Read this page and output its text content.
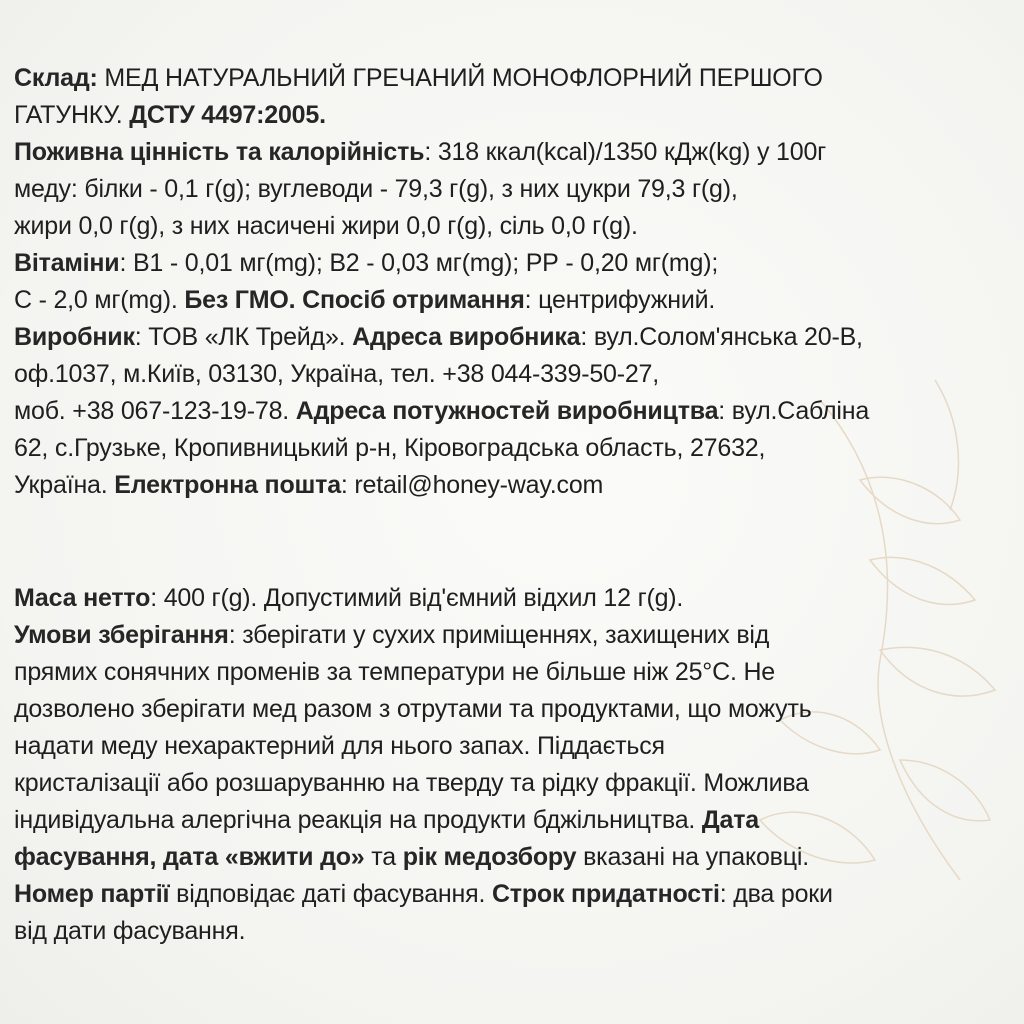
Склад: МЕД НАТУРАЛЬНИЙ ГРЕЧАНИЙ МОНОФЛОРНИЙ ПЕРШОГО
ГАТУНКУ. ДСТУ 4497:2005.
Поживна цінність та калорійність: 318 ккал(kcal)/1350 кДж(kg) у 100г
меду: білки - 0,1 г(g); вуглеводи - 79,3 г(g), з них цукри 79,3 г(g),
жири 0,0 г(g), з них насичені жири 0,0 г(g), сіль 0,0 г(g).
Вітаміни: В1 - 0,01 мг(mg); В2 - 0,03 мг(mg); РР - 0,20 мг(mg);
С - 2,0 мг(mg). Без ГМО. Спосіб отримання: центрифужний.
Виробник: ТОВ «ЛК Трейд». Адреса виробника: вул.Солом'янська 20-В,
оф.1037, м.Київ, 03130, Україна, тел. +38 044-339-50-27,
моб. +38 067-123-19-78. Адреса потужностей виробництва: вул.Сабліна
62, с.Грузьке, Кропивницький р-н, Кіровоградська область, 27632,
Україна. Електронна пошта: retail@honey-way.com
Маса нетто: 400 г(g). Допустимий від'ємний відхил 12 г(g).
Умови зберігання: зберігати у сухих приміщеннях, захищених від
прямих сонячних променів за температури не більше ніж 25°С. Не
дозволено зберігати мед разом з отрутами та продуктами, що можуть
надати меду нехарактерний для нього запах. Піддається
кристалізації або розшаруванню на тверду та рідку фракції. Можлива
індивідуальна алергічна реакція на продукти бджільництва. Дата
фасування, дата «вжити до» та рік медозбору вказані на упаковці.
Номер партії відповідає даті фасування. Строк придатності: два роки
від дати фасування.
